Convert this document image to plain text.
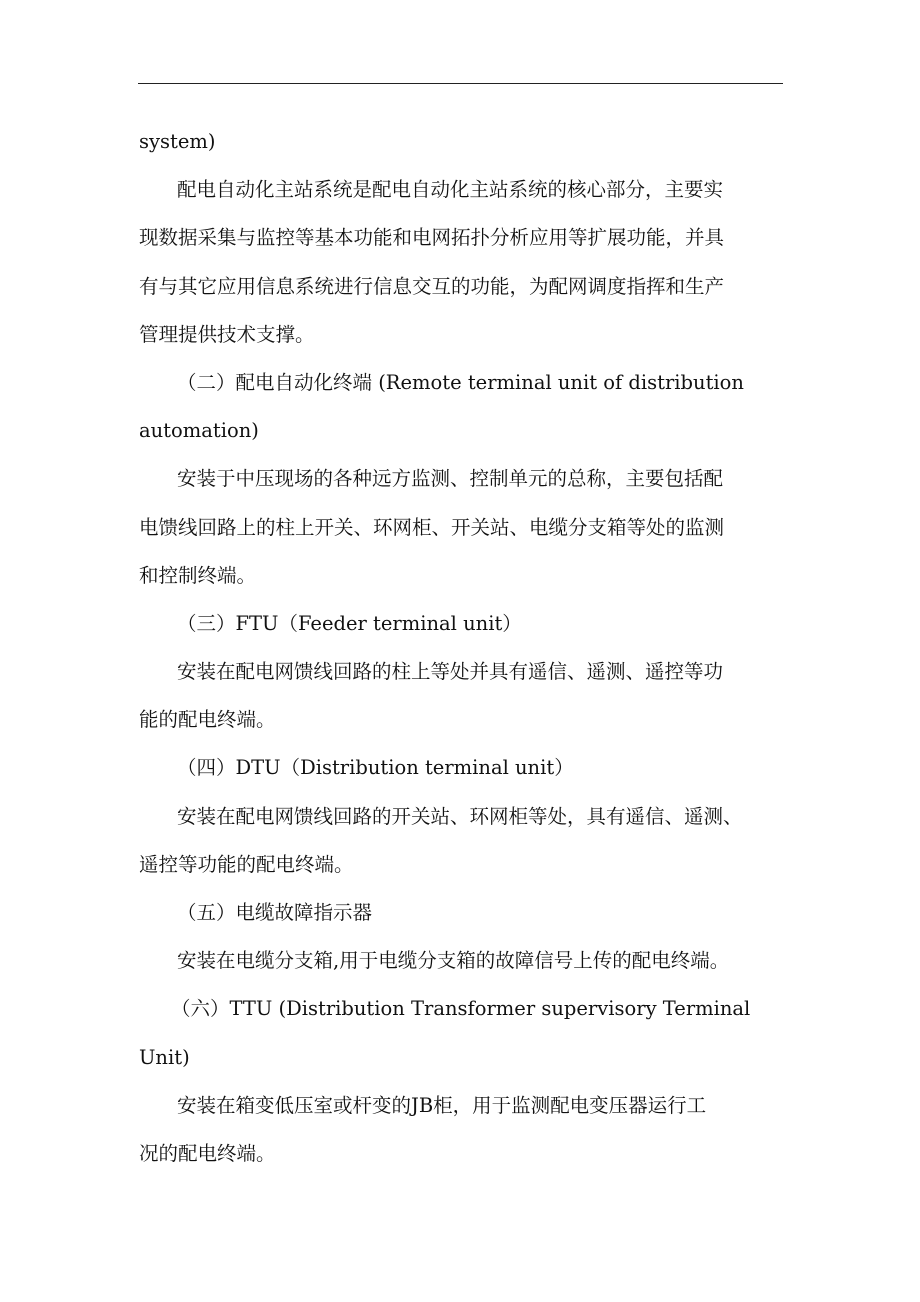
system)
配电自动化主站系统是配电自动化主站系统的核心部分，主要实
现数据采集与监控等基本功能和电网拓扑分析应用等扩展功能，并具
有与其它应用信息系统进行信息交互的功能，为配网调度指挥和生产
管理提供技术支撑。
（二）配电自动化终端 (Remote terminal unit of distribution
automation)
安装于中压现场的各种远方监测、控制单元的总称，主要包括配
电馈线回路上的柱上开关、环网柜、开关站、电缆分支箱等处的监测
和控制终端。
（三）FTU（Feeder terminal unit）
安装在配电网馈线回路的柱上等处并具有遥信、遥测、遥控等功
能的配电终端。
（四）DTU（Distribution terminal unit）
安装在配电网馈线回路的开关站、环网柜等处，具有遥信、遥测、
遥控等功能的配电终端。
（五）电缆故障指示器
安装在电缆分支箱,用于电缆分支箱的故障信号上传的配电终端。
（六）TTU (Distribution Transformer supervisory Terminal
Unit)
安装在箱变低压室或杆变的JB柜，用于监测配电变压器运行工
况的配电终端。
